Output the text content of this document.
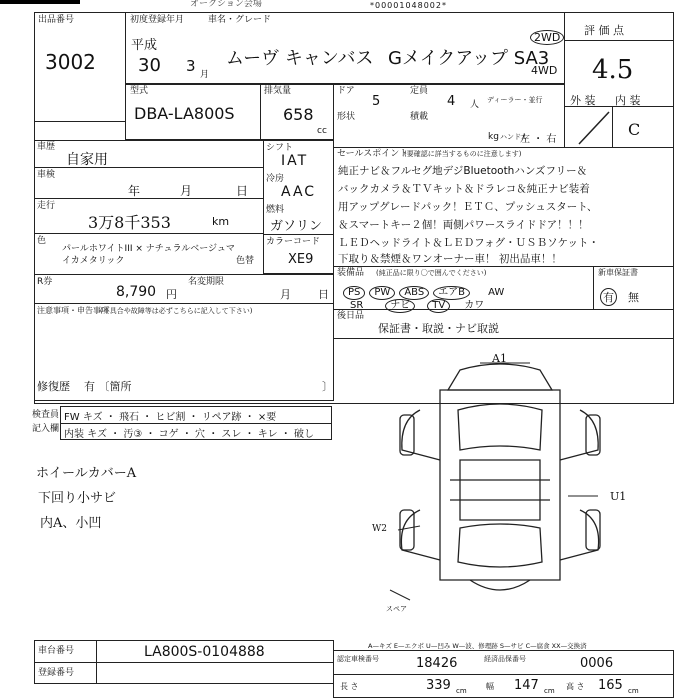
オークション会場	*00001048002*
出品番号
3002
初度登録年月	車名・グレード
平成
30 3 月
ムーヴ キャンバス Gメイクアップ SA3
2WD
4WD
評 価 点
4.5
外 装 内 装
C
型式
DBA-LA800S
排気量
658
cc
ドア
5
定員
4 人 ディーラー・並行
形状	積載
kg ハンドル
左 ・ 右
車歴
自家用
車検
年	月	日
走行
3万8千353	km
色
パールホワイトIII × ナチュラルベージュマ
イカメタリック	色替
R券
8,790 円
名変期限
月 日
注意事項・申告事項
(不具合や故障等は必ずこちらに記入して下さい)
修復歴 有 〔箇所	〕
シフト
IAT
冷房
AAC
燃料
ガソリン
カラーコード
XE9
セールスポイント
(要確認に詳当するものに注意します)
純正ナビ＆フルセグ地デジBluetoothハンズフリー＆
バックカメラ＆ＴＶキット＆ドラレコ＆純正ナビ装着
用アップグレードパック！ＥＴＣ、プッシュスタート、
＆スマートキー２個！両側パワースライドドア！！！
ＬＥＤヘッドライト＆ＬＥＤフォグ・ＵＳＢソケット・
下取り＆禁煙＆ワンオーナー車！ 初出品車！！
装備品 (純正品に限り〇で囲んでください)
PS PW ABS エアB AW
SR	ナビ TV カワ
新車保証書
有 無
後日品
保証書・取説・ナビ取説
検査員
記入欄
FW キズ ・ 飛石 ・ ヒビ割 ・ リペア跡 ・ ×要
内装 キズ ・ 汚③ ・ コゲ ・ 穴 ・ スレ ・ キレ ・ 破し
ホイールカバーA
下回り小サビ
内A、小凹
A1
U1
W2
スペア
A—キズ E—エクボ U—凹み W—波、修理跡 S—サビ C—腐食 XX—交換済
車台番号	LA800S-0104888
登録番号
認定車検番号	18426	経済品保番号	0006
長 さ	339 cm 幅 147 cm 高 さ 165 cm
